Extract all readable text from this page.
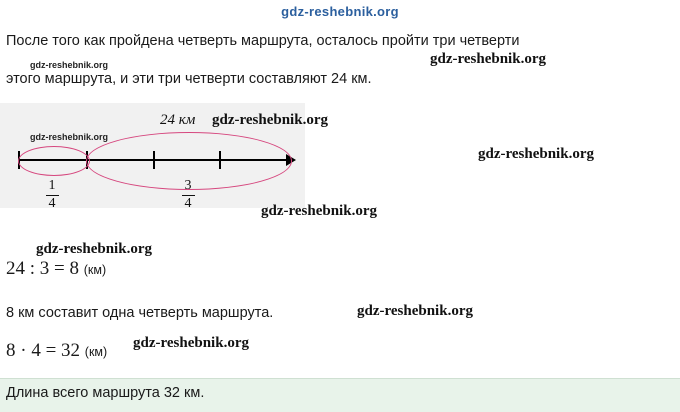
gdz-reshebnik.org
После того как пройдена четверть маршрута, осталось пройти три четверти
этого маршрута, и эти три четверти составляют 24 км.
24 км
1
4
3
4
24 : 3 = 8 (км)
8 км составит одна четверть маршрута.
8 · 4 = 32 (км)
Длина всего маршрута 32 км.
gdz-reshebnik.org
gdz-reshebnik.org
gdz-reshebnik.org
gdz-reshebnik.org
gdz-reshebnik.org
gdz-reshebnik.org
gdz-reshebnik.org
gdz-reshebnik.org
gdz-reshebnik.org
